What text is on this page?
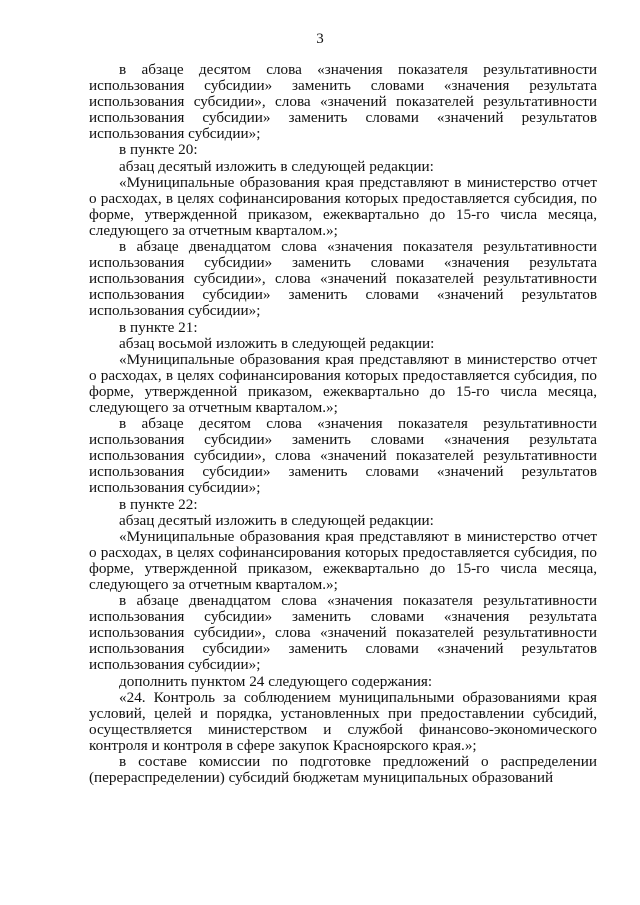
3

в абзаце десятом слова «значения показателя результативности использования субсидии» заменить словами «значения результата использования субсидии», слова «значений показателей результативности использования субсидии» заменить словами «значений результатов использования субсидии»;

в пункте 20:

абзац десятый изложить в следующей редакции:

«Муниципальные образования края представляют в министерство отчет о расходах, в целях софинансирования которых предоставляется субсидия, по форме, утвержденной приказом, ежеквартально до 15-го числа месяца, следующего за отчетным кварталом.»;

в абзаце двенадцатом слова «значения показателя результативности использования субсидии» заменить словами «значения результата использования субсидии», слова «значений показателей результативности использования субсидии» заменить словами «значений результатов использования субсидии»;

в пункте 21:

абзац восьмой изложить в следующей редакции:

«Муниципальные образования края представляют в министерство отчет о расходах, в целях софинансирования которых предоставляется субсидия, по форме, утвержденной приказом, ежеквартально до 15-го числа месяца, следующего за отчетным кварталом.»;

в абзаце десятом слова «значения показателя результативности использования субсидии» заменить словами «значения результата использования субсидии», слова «значений показателей результативности использования субсидии» заменить словами «значений результатов использования субсидии»;

в пункте 22:

абзац десятый изложить в следующей редакции:

«Муниципальные образования края представляют в министерство отчет о расходах, в целях софинансирования которых предоставляется субсидия, по форме, утвержденной приказом, ежеквартально до 15-го числа месяца, следующего за отчетным кварталом.»;

в абзаце двенадцатом слова «значения показателя результативности использования субсидии» заменить словами «значения результата использования субсидии», слова «значений показателей результативности использования субсидии» заменить словами «значений результатов использования субсидии»;

дополнить пунктом 24 следующего содержания:

«24. Контроль за соблюдением муниципальными образованиями края условий, целей и порядка, установленных при предоставлении субсидий, осуществляется министерством и службой финансово-экономического контроля и контроля в сфере закупок Красноярского края.»;

в составе комиссии по подготовке предложений о распределении (перераспределении) субсидий бюджетам муниципальных образований
